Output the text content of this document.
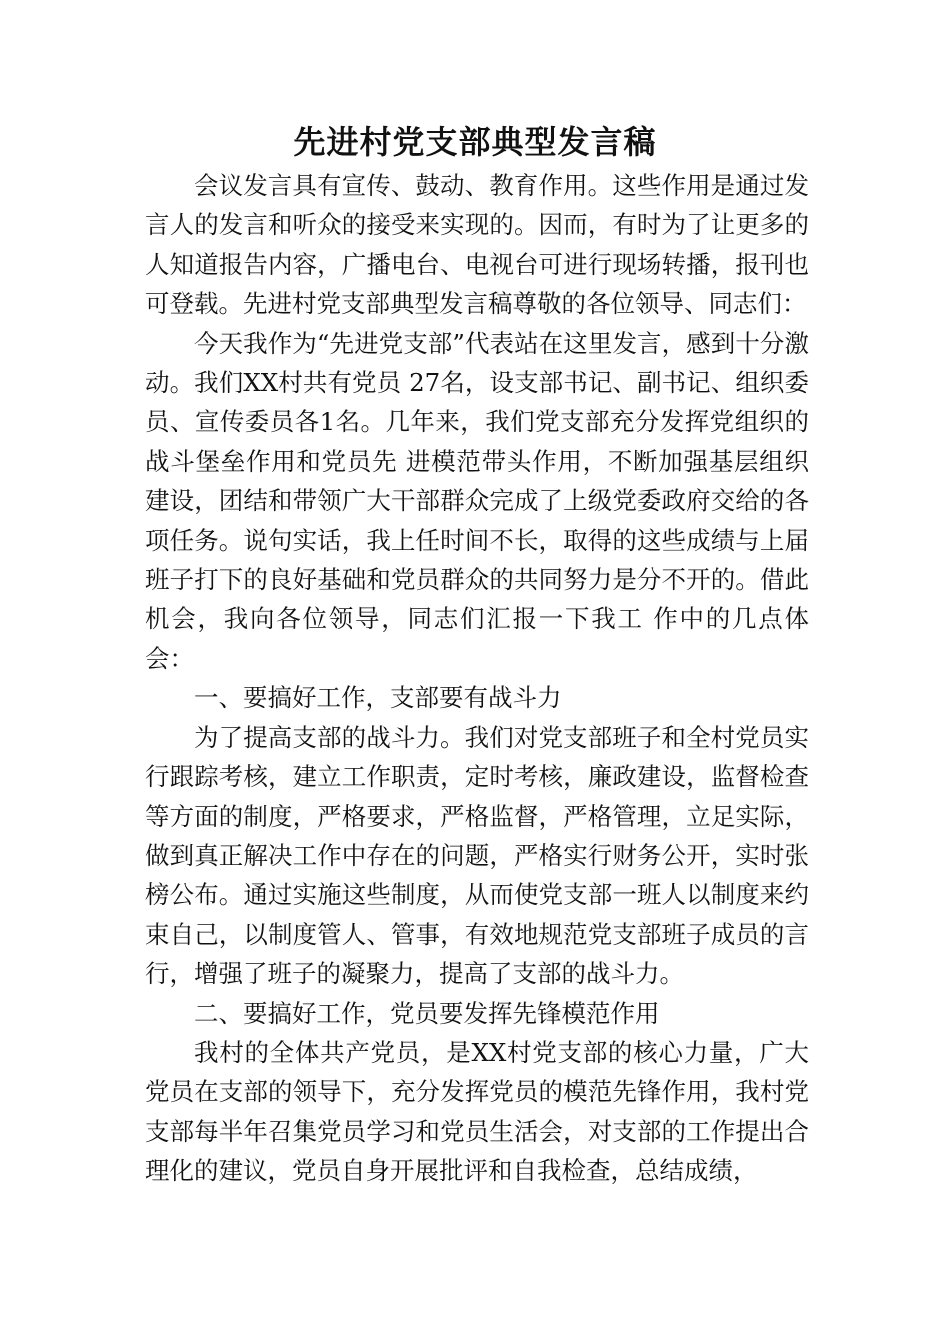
先进村党支部典型发言稿

会议发言具有宣传、鼓动、教育作用。这些作用是通过发言人的发言和听众的接受来实现的。因而，有时为了让更多的人知道报告内容，广播电台、电视台可进行现场转播，报刊也可登载。先进村党支部典型发言稿尊敬的各位领导、同志们：

今天我作为“先进党支部”代表站在这里发言，感到十分激动。我们XX村共有党员 27名，设支部书记、副书记、组织委员、宣传委员各1名。几年来，我们党支部充分发挥党组织的战斗堡垒作用和党员先 进模范带头作用，不断加强基层组织建设，团结和带领广大干部群众完成了上级党委政府交给的各项任务。说句实话，我上任时间不长，取得的这些成绩与上届班子打下的良好基础和党员群众的共同努力是分不开的。借此机会，我向各位领导，同志们汇报一下我工 作中的几点体会：

一、要搞好工作，支部要有战斗力

为了提高支部的战斗力。我们对党支部班子和全村党员实行跟踪考核，建立工作职责，定时考核，廉政建设，监督检查等方面的制度，严格要求，严格监督，严格管理，立足实际，做到真正解决工作中存在的问题，严格实行财务公开，实时张榜公布。通过实施这些制度，从而使党支部一班人以制度来约束自己，以制度管人、管事，有效地规范党支部班子成员的言行，增强了班子的凝聚力，提高了支部的战斗力。

二、要搞好工作，党员要发挥先锋模范作用

我村的全体共产党员，是XX村党支部的核心力量，广大党员在支部的领导下，充分发挥党员的模范先锋作用，我村党支部每半年召集党员学习和党员生活会，对支部的工作提出合理化的建议，党员自身开展批评和自我检查，总结成绩，
